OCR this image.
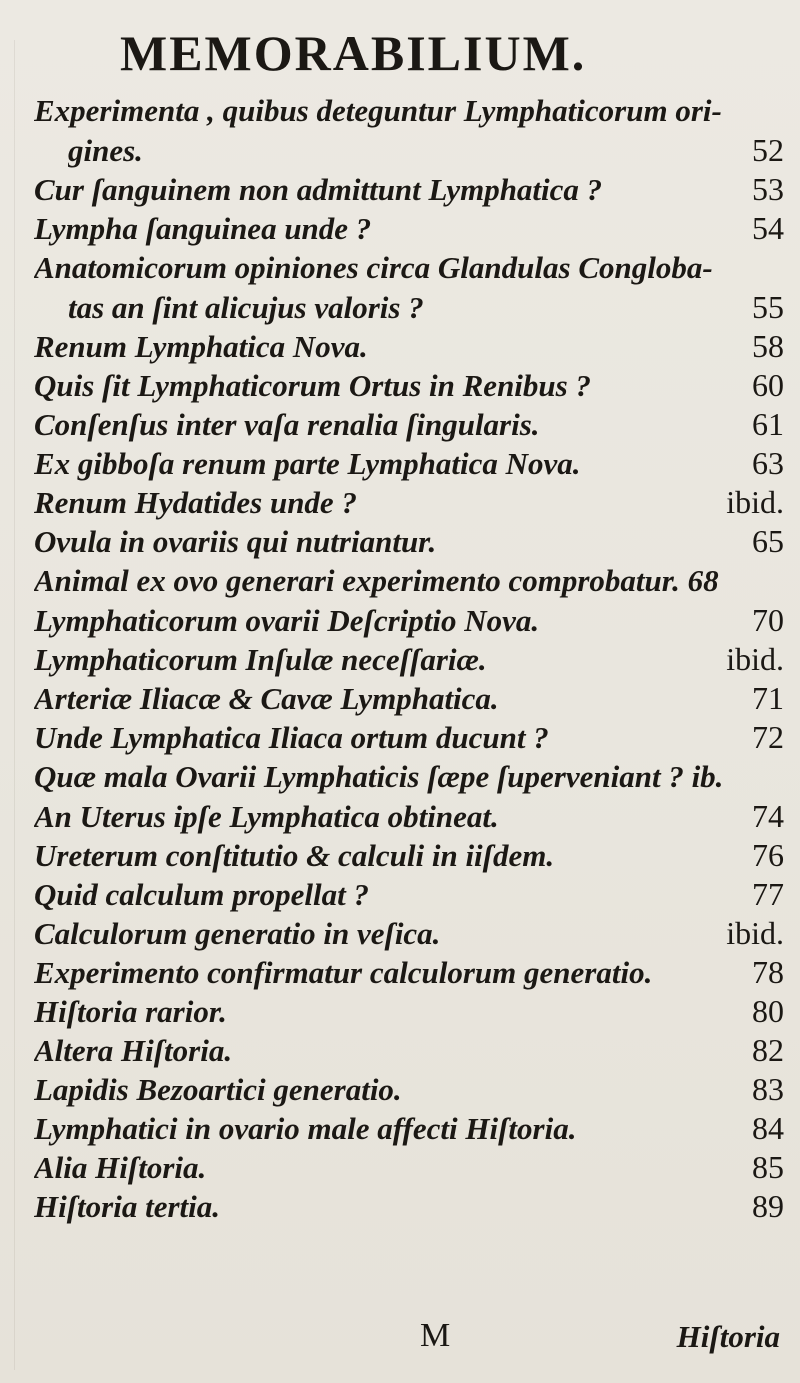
MEMORABILIUM.
Experimenta , quibus deteguntur Lymphaticorum ori-
gines.	52
Cur ſanguinem non admittunt Lymphatica ?	53
Lympha ſanguinea unde ?	54
Anatomicorum opiniones circa Glandulas Congloba-
tas an ſint alicujus valoris ?	55
Renum Lymphatica Nova.	58
Quis ſit Lymphaticorum Ortus in Renibus ?	60
Conſenſus inter vaſa renalia ſingularis.	61
Ex gibboſa renum parte Lymphatica Nova.	63
Renum Hydatides unde ?	ibid.
Ovula in ovariis qui nutriantur.	65
Animal ex ovo generari experimento comprobatur. 68
Lymphaticorum ovarii Deſcriptio Nova.	70
Lymphaticorum Inſulæ neceſſariæ.	ibid.
Arteriæ Iliacæ & Cavæ Lymphatica.	71
Unde Lymphatica Iliaca ortum ducunt ?	72
Quæ mala Ovarii Lymphaticis ſæpe ſuperveniant ? ib.
An Uterus ipſe Lymphatica obtineat.	74
Ureterum conſtitutio & calculi in iiſdem.	76
Quid calculum propellat ?	77
Calculorum generatio in veſica.	ibid.
Experimento confirmatur calculorum generatio.	78
Hiſtoria rarior.	80
Altera Hiſtoria.	82
Lapidis Bezoartici generatio.	83
Lymphatici in ovario male affecti Hiſtoria.	84
Alia Hiſtoria.	85
Hiſtoria tertia.	89
M	Hiſtoria
